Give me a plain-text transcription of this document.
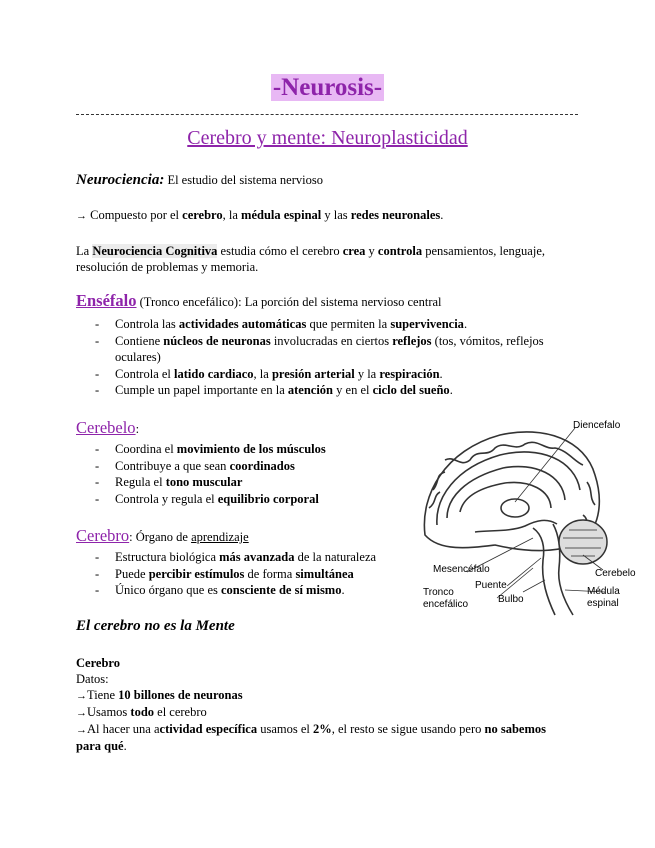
-Neurosis-
Cerebro y mente: Neuroplasticidad
Neurociencia: El estudio del sistema nervioso
→ Compuesto por el cerebro, la médula espinal y las redes neuronales.
La Neurociencia Cognitiva estudia cómo el cerebro crea y controla pensamientos, lenguaje, resolución de problemas y memoria.
Enséfalo (Tronco encefálico): La porción del sistema nervioso central
- Controla las actividades automáticas que permiten la supervivencia.
- Contiene núcleos de neuronas involucradas en ciertos reflejos (tos, vómitos, reflejos oculares)
- Controla el latido cardiaco, la presión arterial y la respiración.
- Cumple un papel importante en la atención y en el ciclo del sueño.
Cerebelo:
- Coordina el movimiento de los músculos
- Contribuye a que sean coordinados
- Regula el tono muscular
- Controla y regula el equilibrio corporal
Cerebro: Órgano de aprendizaje
- Estructura biológica más avanzada de la naturaleza
- Puede percibir estímulos de forma simultánea
- Único órgano que es consciente de sí mismo.
Diencefalo
Mesencéfalo
Puente
Tronco
encefálico	Bulbo
Cerebelo
Médula
espinal
El cerebro no es la Mente
Cerebro
Datos:
→Tiene 10 billones de neuronas
→Usamos todo el cerebro
→Al hacer una actividad específica usamos el 2%, el resto se sigue usando pero no sabemos para qué.
